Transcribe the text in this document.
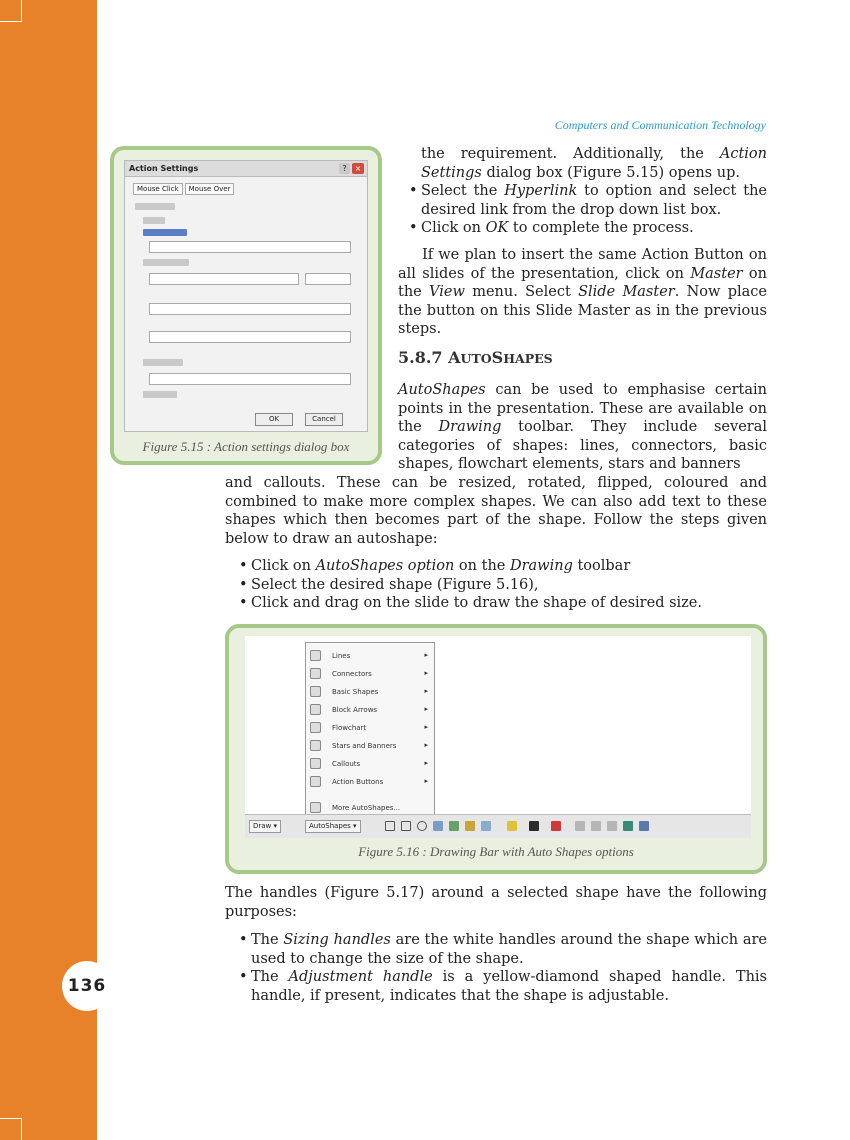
136
Computers and Communication Technology
Action Settings	?	×
Mouse Click	Mouse Over
OK	Cancel
Figure 5.15 : Action settings dialog box
the requirement. Additionally, the Action Settings dialog box (Figure 5.15) opens up.
• Select the Hyperlink to option and select the desired link from the drop down list box.
• Click on OK to complete the process.
If we plan to insert the same Action Button on all slides of the presentation, click on Master on the View menu. Select Slide Master. Now place the button on this Slide Master as in the previous steps.
5.8.7 AUTOSHAPES
AutoShapes can be used to emphasise certain points in the presentation. These are available on the Drawing toolbar. They include several categories of shapes: lines, connectors, basic shapes, flowchart elements, stars and banners
and callouts. These can be resized, rotated, flipped, coloured and combined to make more complex shapes. We can also add text to these shapes which then becomes part of the shape. Follow the steps given below to draw an autoshape:
• Click on AutoShapes option on the Drawing toolbar
• Select the desired shape (Figure 5.16),
• Click and drag on the slide to draw the shape of desired size.
Lines	▸
Connectors	▸
Basic Shapes	▸
Block Arrows	▸
Flowchart	▸
Stars and Banners	▸
Callouts	▸
Action Buttons	▸
More AutoShapes...
Draw ▾	AutoShapes ▾
Figure 5.16 : Drawing Bar with Auto Shapes options
The handles (Figure 5.17) around a selected shape have the following purposes:
• The Sizing handles are the white handles around the shape which are used to change the size of the shape.
• The Adjustment handle is a yellow-diamond shaped handle. This handle, if present, indicates that the shape is adjustable.
